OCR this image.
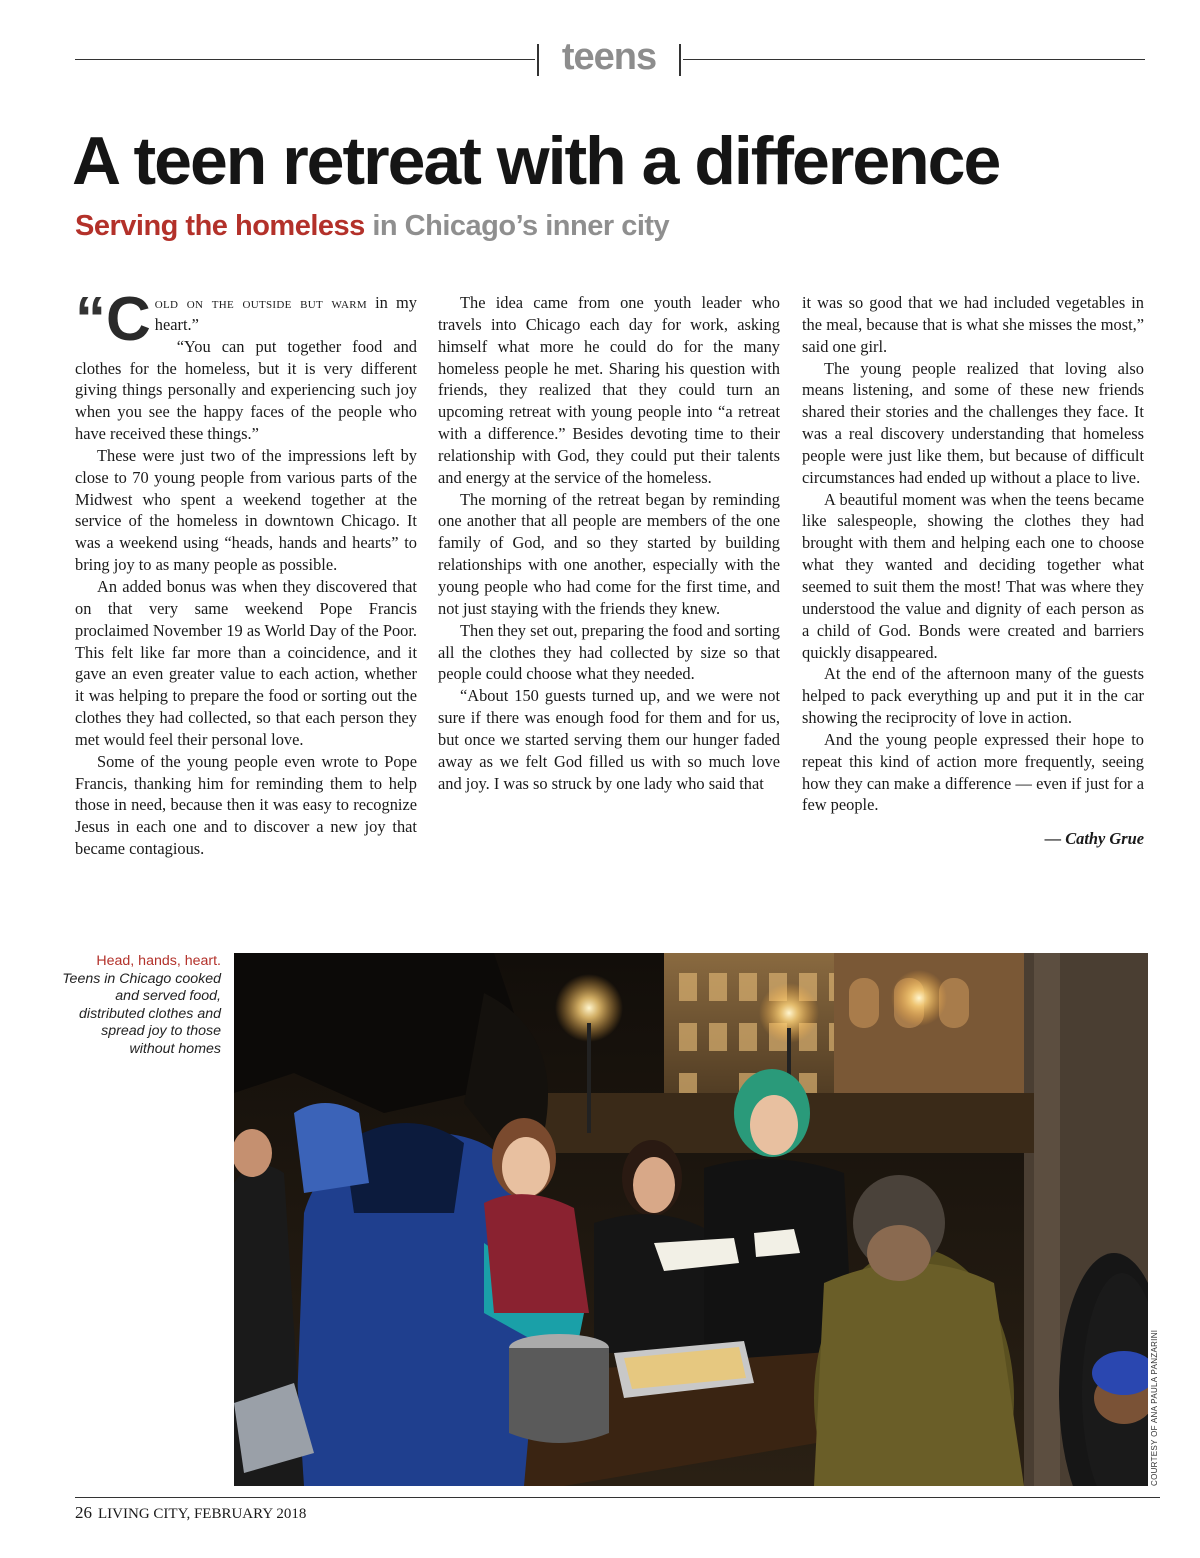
teens
A teen retreat with a difference
Serving the homeless in Chicago’s inner city

“ C old on the outside but warm in my heart.”

“You can put together food and clothes for the homeless, but it is very different giving things personally and experiencing such joy when you see the happy faces of the people who have received these things.”

These were just two of the impressions left by close to 70 young people from various parts of the Midwest who spent a weekend together at the service of the homeless in downtown Chicago. It was a weekend using “heads, hands and hearts” to bring joy to as many people as possible.

An added bonus was when they discovered that on that very same weekend Pope Francis proclaimed November 19 as World Day of the Poor. This felt like far more than a coincidence, and it gave an even greater value to each action, whether it was helping to prepare the food or sorting out the clothes they had collected, so that each person they met would feel their personal love.

Some of the young people even wrote to Pope Francis, thanking him for reminding them to help those in need, because then it was easy to recognize Jesus in each one and to discover a new joy that became contagious.

The idea came from one youth leader who travels into Chicago each day for work, asking himself what more he could do for the many homeless people he met. Sharing his question with friends, they realized that they could turn an upcoming retreat with young people into “a retreat with a difference.” Besides devoting time to their relationship with God, they could put their talents and energy at the service of the homeless.

The morning of the retreat began by reminding one another that all people are members of the one family of God, and so they started by building relationships with one another, especially with the young people who had come for the first time, and not just staying with the friends they knew.

Then they set out, preparing the food and sorting all the clothes they had collected by size so that people could choose what they needed.

“About 150 guests turned up, and we were not sure if there was enough food for them and for us, but once we started serving them our hunger faded away as we felt God filled us with so much love and joy. I was so struck by one lady who said that

it was so good that we had included vegetables in the meal, because that is what she misses the most,” said one girl.

The young people realized that loving also means listening, and some of these new friends shared their stories and the challenges they face. It was a real discovery understanding that homeless people were just like them, but because of difficult circumstances had ended up without a place to live.

A beautiful moment was when the teens became like salespeople, showing the clothes they had brought with them and helping each one to choose what they wanted and deciding together what seemed to suit them the most! That was where they understood the value and dignity of each person as a child of God. Bonds were created and barriers quickly disappeared.

At the end of the afternoon many of the guests helped to pack everything up and put it in the car showing the reciprocity of love in action.

And the young people expressed their hope to repeat this kind of action more frequently, seeing how they can make a difference — even if just for a few people.

— Cathy Grue

Head, hands, heart.
Teens in Chicago cooked and served food, distributed clothes and spread joy to those without homes
COURTESY OF ANA PAULA PANZARINI
26 LIVING CITY, FEBRUARY 2018
